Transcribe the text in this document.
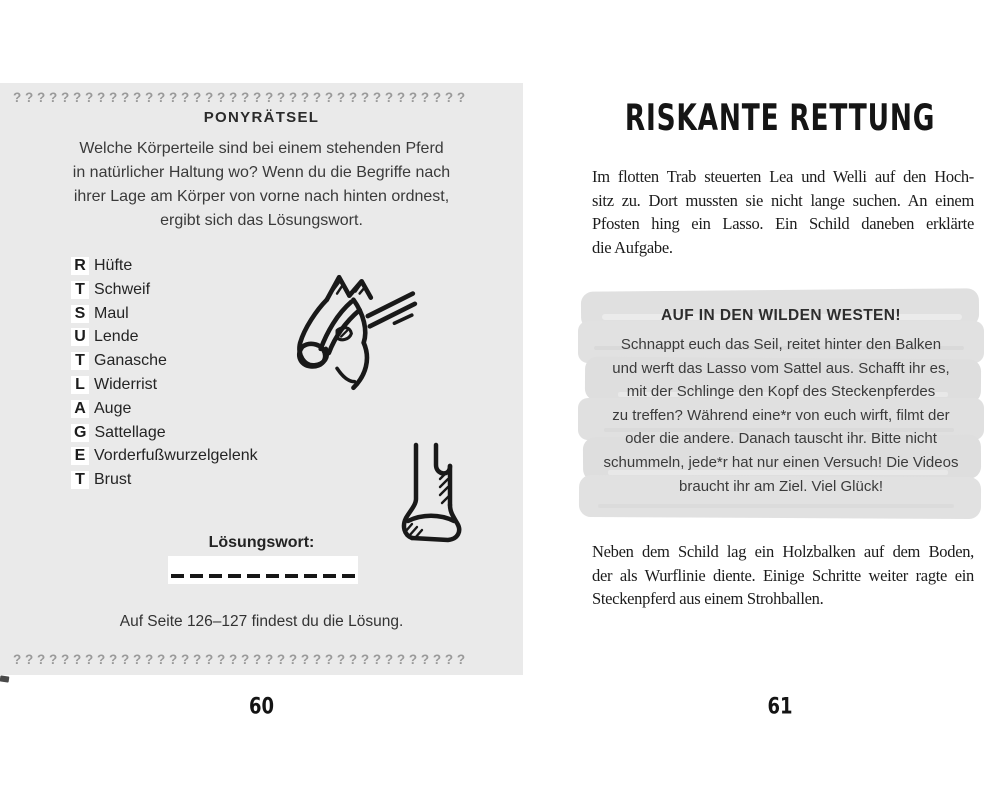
? ? ? ? ? ? ? ? ? ? ? ? ? ? ? ? ? ? ? ? ? ? ? ? ? ? ? ? ? ? ? ? ? ? ? ? ? ?
PONYRÄTSEL
Welche Körperteile sind bei einem stehenden Pferd
in natürlicher Haltung wo? Wenn du die Begriffe nach
ihrer Lage am Körper von vorne nach hinten ordnest,
ergibt sich das Lösungswort.
R Hüfte
T Schweif
S Maul
U Lende
T Ganasche
L Widerrist
A Auge
G Sattellage
E Vorderfußwurzelgelenk
T Brust
Lösungswort:
Auf Seite 126–127 findest du die Lösung.
? ? ? ? ? ? ? ? ? ? ? ? ? ? ? ? ? ? ? ? ? ? ? ? ? ? ? ? ? ? ? ? ? ? ? ? ? ?
60
RISKANTE RETTUNG
Im flotten Trab steuerten Lea und Welli auf den Hoch-
sitz zu. Dort mussten sie nicht lange suchen. An einem
Pfosten hing ein Lasso. Ein Schild daneben erklärte
die Aufgabe.
AUF IN DEN WILDEN WESTEN!
Schnappt euch das Seil, reitet hinter den Balken
und werft das Lasso vom Sattel aus. Schafft ihr es,
mit der Schlinge den Kopf des Steckenpferdes
zu treffen? Während eine*r von euch wirft, filmt der
oder die andere. Danach tauscht ihr. Bitte nicht
schummeln, jede*r hat nur einen Versuch! Die Videos
braucht ihr am Ziel. Viel Glück!
Neben dem Schild lag ein Holzbalken auf dem Boden,
der als Wurflinie diente. Einige Schritte weiter ragte ein
Steckenpferd aus einem Strohballen.
61
